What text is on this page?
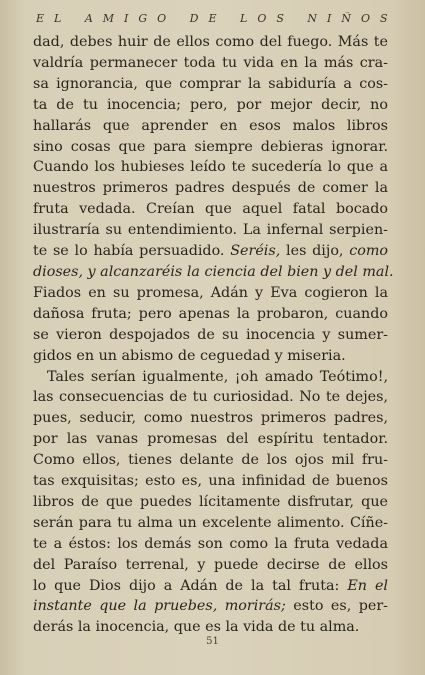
EL AMIGO DE LOS NIÑOS
dad, debes huir de ellos como del fuego. Más te
valdría permanecer toda tu vida en la más cra-
sa ignorancia, que comprar la sabiduría a cos-
ta de tu inocencia; pero, por mejor decir, no
hallarás que aprender en esos malos libros
sino cosas que para siempre debieras ignorar.
Cuando los hubieses leído te sucedería lo que a
nuestros primeros padres después de comer la
fruta vedada. Creían que aquel fatal bocado
ilustraría su entendimiento. La infernal serpien-
te se lo había persuadido. Seréis, les dijo, como
dioses, y alcanzaréis la ciencia del bien y del mal.
Fiados en su promesa, Adán y Eva cogieron la
dañosa fruta; pero apenas la probaron, cuando
se vieron despojados de su inocencia y sumer-
gidos en un abismo de ceguedad y miseria.
Tales serían igualmente, ¡oh amado Teótimo!,
las consecuencias de tu curiosidad. No te dejes,
pues, seducir, como nuestros primeros padres,
por las vanas promesas del espíritu tentador.
Como ellos, tienes delante de los ojos mil fru-
tas exquisitas; esto es, una infinidad de buenos
libros de que puedes lícitamente disfrutar, que
serán para tu alma un excelente alimento. Cíñe-
te a éstos: los demás son como la fruta vedada
del Paraíso terrenal, y puede decirse de ellos
lo que Dios dijo a Adán de la tal fruta: En el
instante que la pruebes, morirás; esto es, per-
derás la inocencia, que es la vida de tu alma.
51
